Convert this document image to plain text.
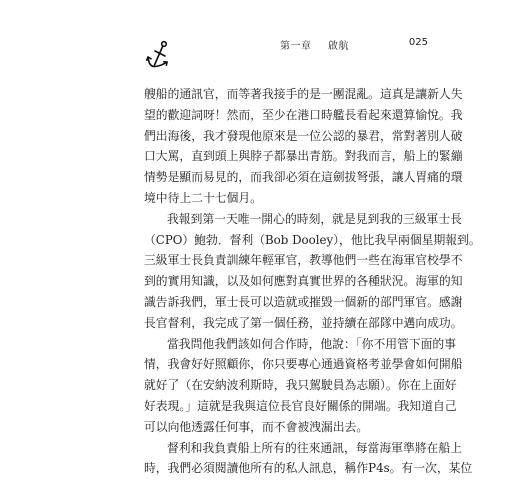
第一章 啟航	025
艘船的通訊官，而等著我接手的是一團混亂。這真是讓新人失
望的歡迎詞呀！然而，至少在港口時艦長看起來還算愉悅。我
們出海後，我才發現他原來是一位公認的暴君，常對著別人破
口大罵，直到頭上與脖子都暴出青筋。對我而言，船上的緊繃
情勢是顯而易見的，而我卻必須在這劍拔弩張，讓人胃痛的環
境中待上二十七個月。
我報到第一天唯一開心的時刻，就是見到我的三級軍士長
（CPO）鮑勃．督利（Bob Dooley），他比我早兩個星期報到。
三級軍士長負責訓練年輕軍官，教導他們一些在海軍官校學不
到的實用知識，以及如何應對真實世界的各種狀況。海軍的知
識告訴我們，軍士長可以造就或摧毀一個新的部門軍官。感謝
長官督利，我完成了第一個任務，並持續在部隊中邁向成功。
當我問他我們該如何合作時，他說：「你不用管下面的事
情，我會好好照顧你，你只要專心通過資格考並學會如何開船
就好了（在安納波利斯時，我只駕駛員為志願）。你在上面好
好表現。」這就是我與這位長官良好關係的開端。我知道自己
可以向他透露任何事，而不會被洩漏出去。
督利和我負責船上所有的往來通訊，每當海軍準將在船上
時，我們必須閱讀他所有的私人訊息，稱作P4s。有一次，某位
